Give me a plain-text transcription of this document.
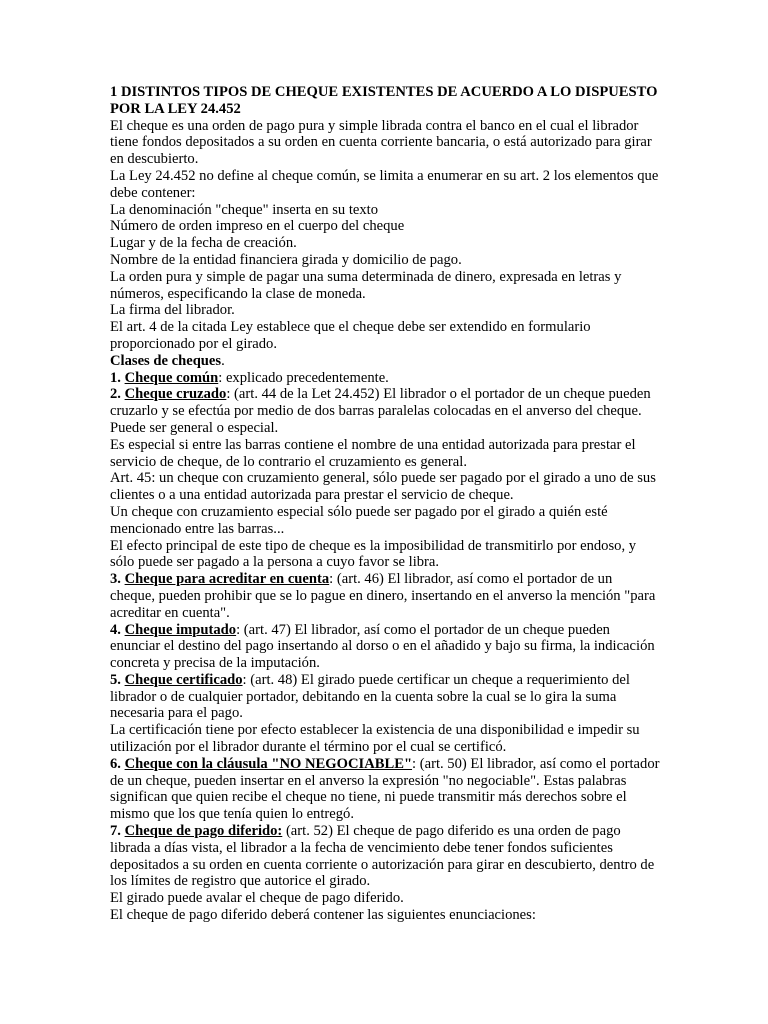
1 DISTINTOS TIPOS DE CHEQUE EXISTENTES DE ACUERDO A LO DISPUESTO POR LA LEY 24.452

El cheque es una orden de pago pura y simple librada contra el banco en el cual el librador tiene fondos depositados a su orden en cuenta corriente bancaria, o está autorizado para girar en descubierto.

La Ley 24.452 no define al cheque común, se limita a enumerar en su art. 2 los elementos que debe contener:

La denominación "cheque" inserta en su texto

Número de orden impreso en el cuerpo del cheque

Lugar y de la fecha de creación.

Nombre de la entidad financiera girada y domicilio de pago.

La orden pura y simple de pagar una suma determinada de dinero, expresada en letras y números, especificando la clase de moneda.

La firma del librador.

El art. 4 de la citada Ley establece que el cheque debe ser extendido en formulario proporcionado por el girado.

Clases de cheques.

1. Cheque común: explicado precedentemente.

2. Cheque cruzado: (art. 44 de la Let 24.452) El librador o el portador de un cheque pueden cruzarlo y se efectúa por medio de dos barras paralelas colocadas en el anverso del cheque. Puede ser general o especial.

Es especial si entre las barras contiene el nombre de una entidad autorizada para prestar el servicio de cheque, de lo contrario el cruzamiento es general.

Art. 45: un cheque con cruzamiento general, sólo puede ser pagado por el girado a uno de sus clientes o a una entidad autorizada para prestar el servicio de cheque.

Un cheque con cruzamiento especial sólo puede ser pagado por el girado a quién esté mencionado entre las barras...

El efecto principal de este tipo de cheque es la imposibilidad de transmitirlo por endoso, y sólo puede ser pagado a la persona a cuyo favor se libra.

3. Cheque para acreditar en cuenta: (art. 46) El librador, así como el portador de un cheque, pueden prohibir que se lo pague en dinero, insertando en el anverso la mención "para acreditar en cuenta".

4. Cheque imputado: (art. 47) El librador, así como el portador de un cheque pueden enunciar el destino del pago insertando al dorso o en el añadido y bajo su firma, la indicación concreta y precisa de la imputación.

5. Cheque certificado: (art. 48) El girado puede certificar un cheque a requerimiento del librador o de cualquier portador, debitando en la cuenta sobre la cual se lo gira la suma necesaria para el pago.

La certificación tiene por efecto establecer la existencia de una disponibilidad e impedir su utilización por el librador durante el término por el cual se certificó.

6. Cheque con la cláusula "NO NEGOCIABLE": (art. 50) El librador, así como el portador de un cheque, pueden insertar en el anverso la expresión "no negociable". Estas palabras significan que quien recibe el cheque no tiene, ni puede transmitir más derechos sobre el mismo que los que tenía quien lo entregó.

7. Cheque de pago diferido: (art. 52) El cheque de pago diferido es una orden de pago librada a días vista, el librador a la fecha de vencimiento debe tener fondos suficientes depositados a su orden en cuenta corriente o autorización para girar en descubierto, dentro de los límites de registro que autorice el girado.

El girado puede avalar el cheque de pago diferido.

El cheque de pago diferido deberá contener las siguientes enunciaciones:
